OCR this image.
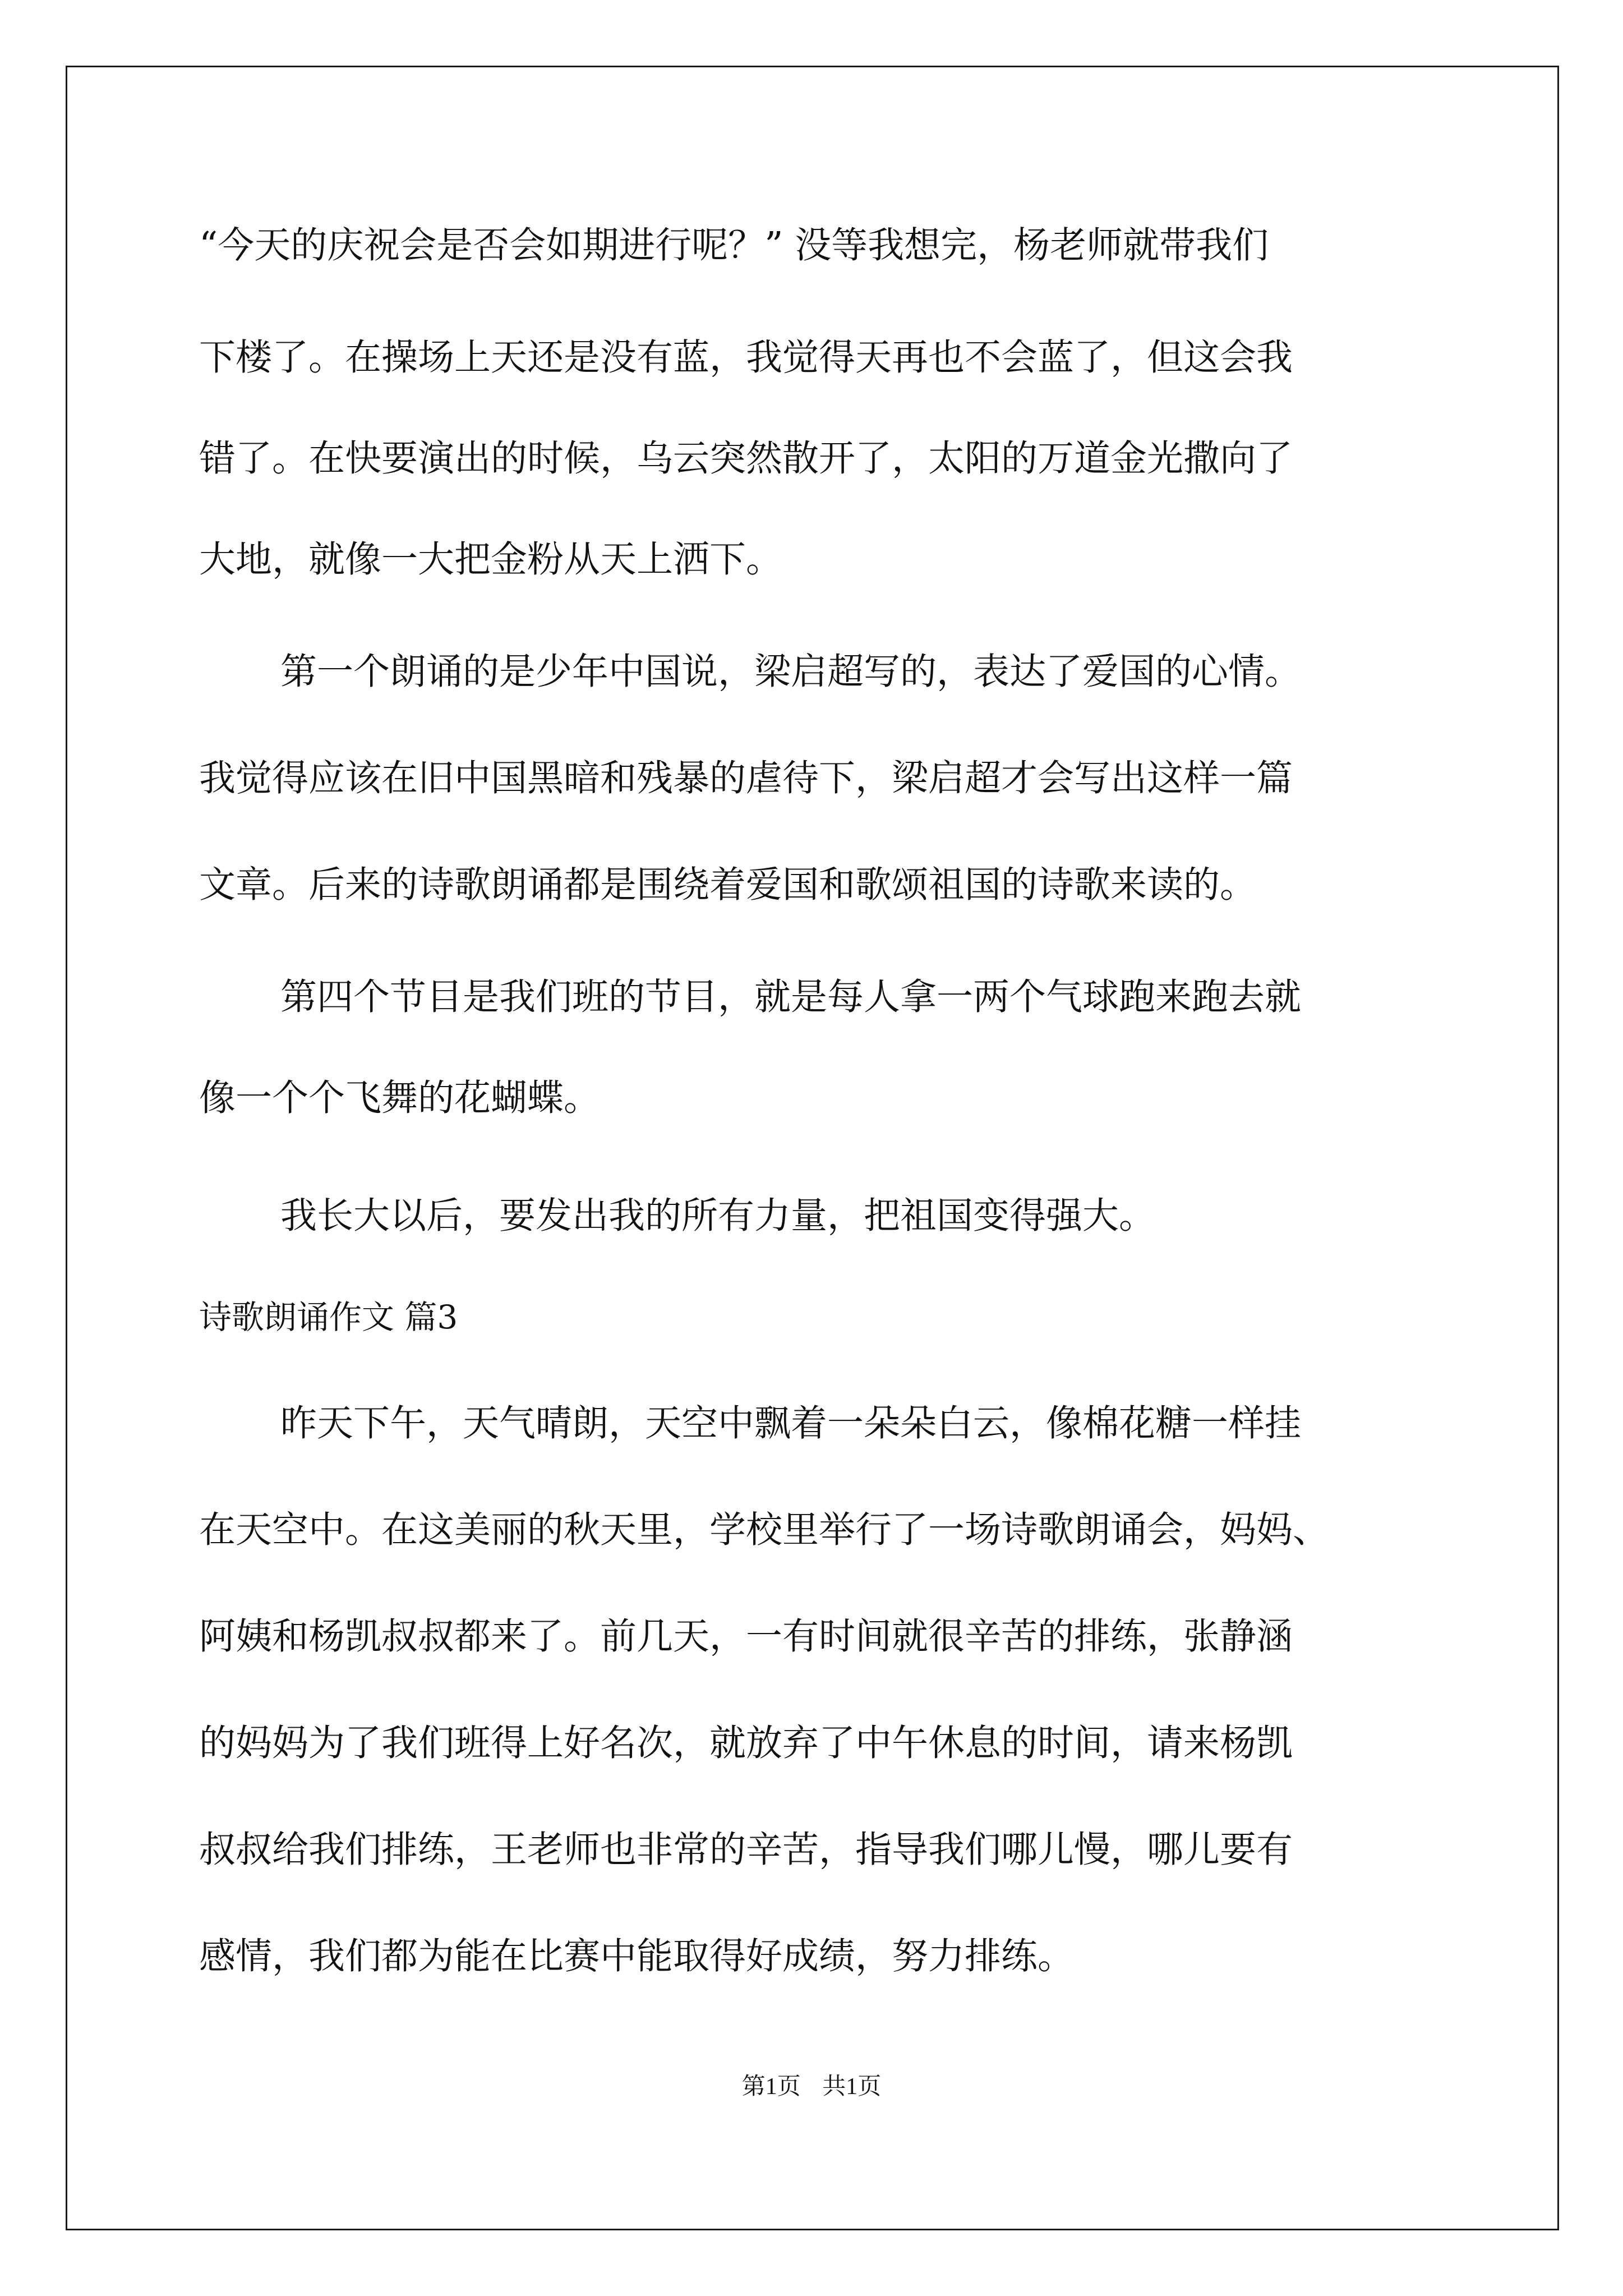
“今天的庆祝会是否会如期进行呢？” 没等我想完，杨老师就带我们
下楼了。在操场上天还是没有蓝，我觉得天再也不会蓝了，但这会我
错了。在快要演出的时候，乌云突然散开了，太阳的万道金光撒向了
大地，就像一大把金粉从天上洒下。
第一个朗诵的是少年中国说，梁启超写的，表达了爱国的心情。
我觉得应该在旧中国黑暗和残暴的虐待下，梁启超才会写出这样一篇
文章。后来的诗歌朗诵都是围绕着爱国和歌颂祖国的诗歌来读的。
第四个节目是我们班的节目，就是每人拿一两个气球跑来跑去就
像一个个飞舞的花蝴蝶。
我长大以后，要发出我的所有力量，把祖国变得强大。
诗歌朗诵作文 篇3
昨天下午，天气晴朗，天空中飘着一朵朵白云，像棉花糖一样挂
在天空中。在这美丽的秋天里，学校里举行了一场诗歌朗诵会，妈妈、
阿姨和杨凯叔叔都来了。前几天，一有时间就很辛苦的排练，张静涵
的妈妈为了我们班得上好名次，就放弃了中午休息的时间，请来杨凯
叔叔给我们排练，王老师也非常的辛苦，指导我们哪儿慢，哪儿要有
感情，我们都为能在比赛中能取得好成绩，努力排练。
第1页 共1页
